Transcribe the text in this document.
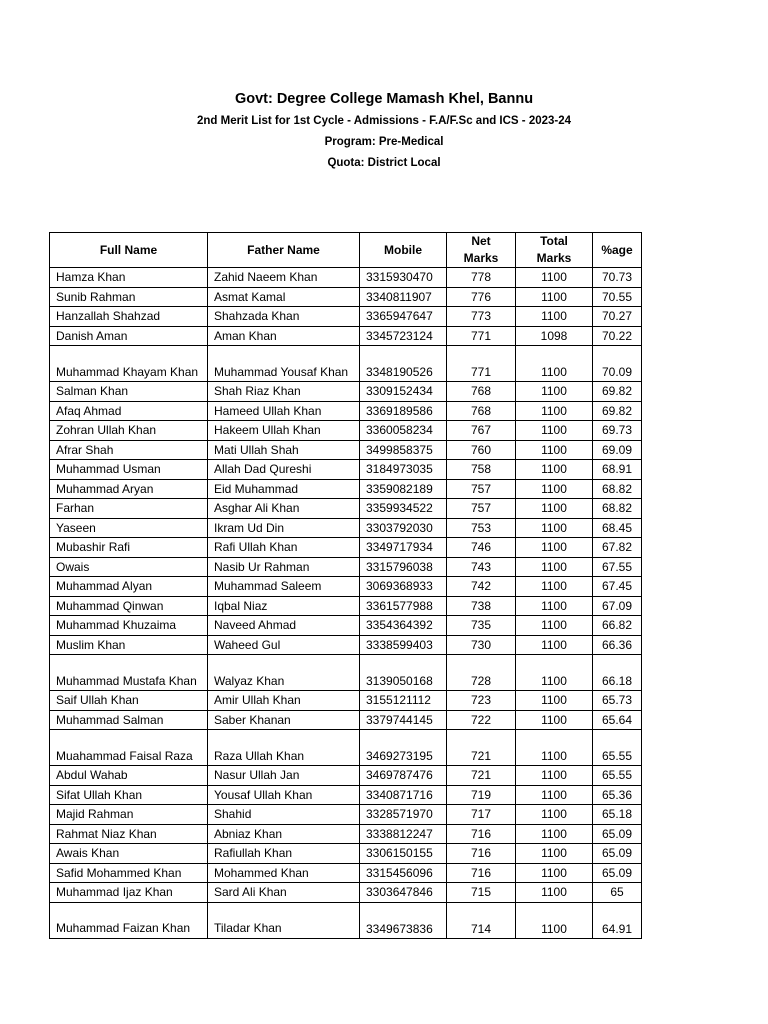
Govt: Degree College Mamash Khel, Bannu
2nd Merit List for 1st Cycle - Admissions - F.A/F.Sc and ICS - 2023-24
Program: Pre-Medical
Quota: District Local
Full Name	Father Name	Mobile	Net Marks	Total Marks	%age
Hamza Khan	Zahid Naeem Khan	3315930470	778	1100	70.73
Sunib Rahman	Asmat Kamal	3340811907	776	1100	70.55
Hanzallah Shahzad	Shahzada Khan	3365947647	773	1100	70.27
Danish Aman	Aman Khan	3345723124	771	1098	70.22
Muhammad Khayam Khan	Muhammad Yousaf Khan	3348190526	771	1100	70.09
Salman Khan	Shah Riaz Khan	3309152434	768	1100	69.82
Afaq Ahmad	Hameed Ullah Khan	3369189586	768	1100	69.82
Zohran Ullah Khan	Hakeem Ullah Khan	3360058234	767	1100	69.73
Afrar Shah	Mati Ullah Shah	3499858375	760	1100	69.09
Muhammad Usman	Allah Dad Qureshi	3184973035	758	1100	68.91
Muhammad Aryan	Eid Muhammad	3359082189	757	1100	68.82
Farhan	Asghar Ali Khan	3359934522	757	1100	68.82
Yaseen	Ikram Ud Din	3303792030	753	1100	68.45
Mubashir Rafi	Rafi Ullah Khan	3349717934	746	1100	67.82
Owais	Nasib Ur Rahman	3315796038	743	1100	67.55
Muhammad Alyan	Muhammad Saleem	3069368933	742	1100	67.45
Muhammad Qinwan	Iqbal Niaz	3361577988	738	1100	67.09
Muhammad Khuzaima	Naveed Ahmad	3354364392	735	1100	66.82
Muslim Khan	Waheed Gul	3338599403	730	1100	66.36
Muhammad Mustafa Khan	Walyaz Khan	3139050168	728	1100	66.18
Saif Ullah Khan	Amir Ullah Khan	3155121112	723	1100	65.73
Muhammad Salman	Saber Khanan	3379744145	722	1100	65.64
Muahammad Faisal Raza	Raza Ullah Khan	3469273195	721	1100	65.55
Abdul Wahab	Nasur Ullah Jan	3469787476	721	1100	65.55
Sifat Ullah Khan	Yousaf Ullah Khan	3340871716	719	1100	65.36
Majid Rahman	Shahid	3328571970	717	1100	65.18
Rahmat Niaz Khan	Abniaz Khan	3338812247	716	1100	65.09
Awais Khan	Rafiullah Khan	3306150155	716	1100	65.09
Safid Mohammed Khan	Mohammed Khan	3315456096	716	1100	65.09
Muhammad Ijaz Khan	Sard Ali Khan	3303647846	715	1100	65
Muhammad Faizan Khan	Tiladar Khan	3349673836	714	1100	64.91
